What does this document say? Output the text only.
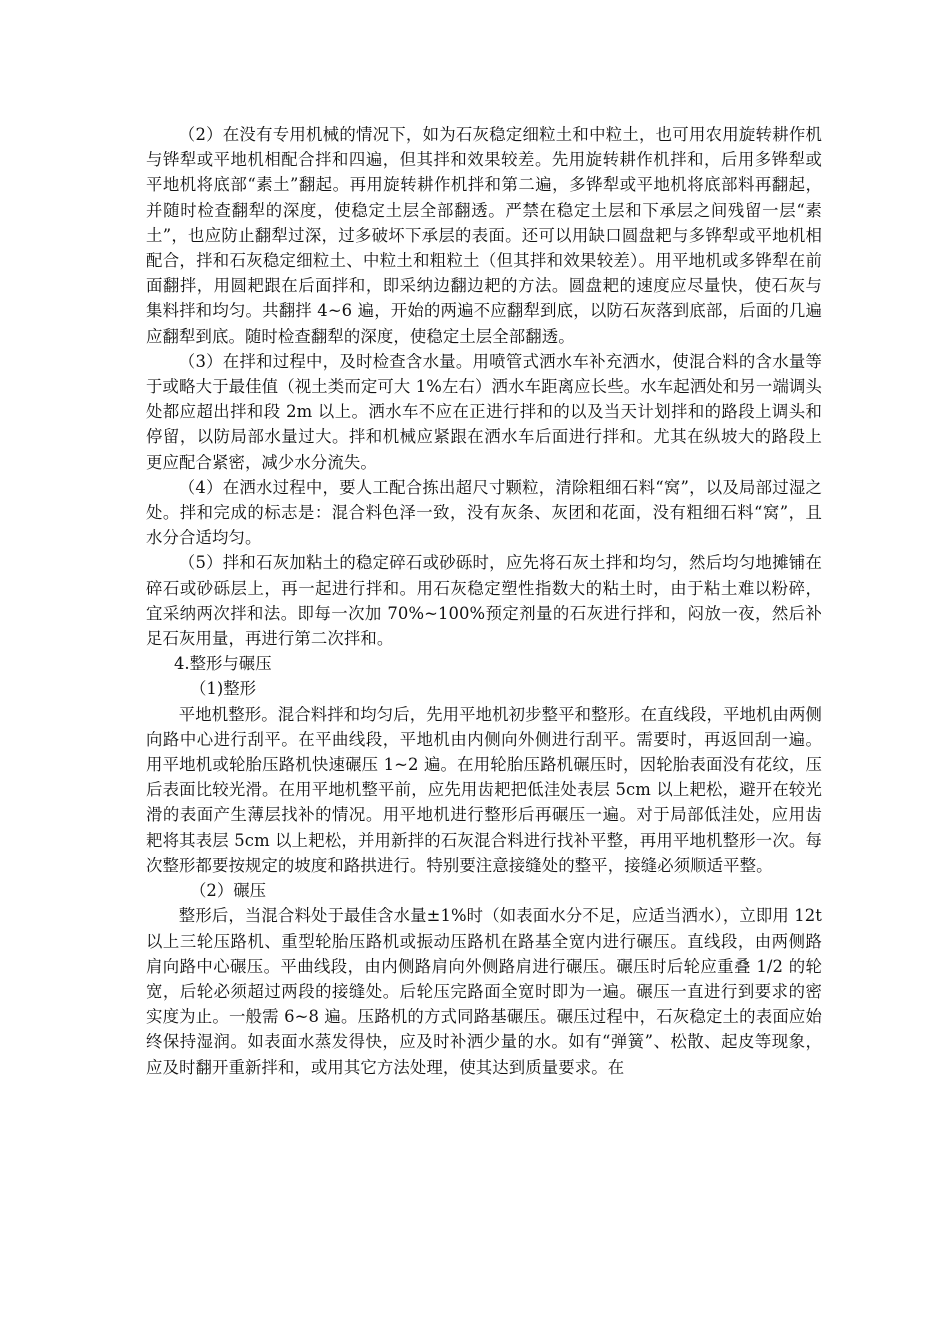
（2）在没有专用机械的情况下，如为石灰稳定细粒土和中粒土，也可用农用旋转耕作机与铧犁或平地机相配合拌和四遍，但其拌和效果较差。先用旋转耕作机拌和，后用多铧犁或平地机将底部“素土”翻起。再用旋转耕作机拌和第二遍，多铧犁或平地机将底部料再翻起，并随时检查翻犁的深度，使稳定土层全部翻透。严禁在稳定土层和下承层之间残留一层“素土”，也应防止翻犁过深，过多破坏下承层的表面。还可以用缺口圆盘耙与多铧犁或平地机相配合，拌和石灰稳定细粒土、中粒土和粗粒土（但其拌和效果较差）。用平地机或多铧犁在前面翻拌，用圆耙跟在后面拌和，即采纳边翻边耙的方法。圆盘耙的速度应尽量快，使石灰与集料拌和均匀。共翻拌 4~6 遍，开始的两遍不应翻犁到底，以防石灰落到底部，后面的几遍应翻犁到底。随时检查翻犁的深度，使稳定土层全部翻透。

（3）在拌和过程中，及时检查含水量。用喷管式洒水车补充洒水，使混合料的含水量等于或略大于最佳值（视土类而定可大 1%左右）洒水车距离应长些。水车起洒处和另一端调头处都应超出拌和段 2m 以上。洒水车不应在正进行拌和的以及当天计划拌和的路段上调头和停留，以防局部水量过大。拌和机械应紧跟在洒水车后面进行拌和。尤其在纵坡大的路段上更应配合紧密，减少水分流失。

（4）在洒水过程中，要人工配合拣出超尺寸颗粒，清除粗细石料“窝”，以及局部过湿之处。拌和完成的标志是：混合料色泽一致，没有灰条、灰团和花面，没有粗细石料“窝”，且水分合适均匀。

（5）拌和石灰加粘土的稳定碎石或砂砾时，应先将石灰土拌和均匀，然后均匀地摊铺在碎石或砂砾层上，再一起进行拌和。用石灰稳定塑性指数大的粘土时，由于粘土难以粉碎，宜采纳两次拌和法。即每一次加 70%~100%预定剂量的石灰进行拌和，闷放一夜，然后补足石灰用量，再进行第二次拌和。

4.整形与碾压

（1)整形

平地机整形。混合料拌和均匀后，先用平地机初步整平和整形。在直线段，平地机由两侧向路中心进行刮平。在平曲线段，平地机由内侧向外侧进行刮平。需要时，再返回刮一遍。用平地机或轮胎压路机快速碾压 1~2 遍。在用轮胎压路机碾压时，因轮胎表面没有花纹，压后表面比较光滑。在用平地机整平前，应先用齿耙把低洼处表层 5cm 以上耙松，避开在较光滑的表面产生薄层找补的情况。用平地机进行整形后再碾压一遍。对于局部低洼处，应用齿耙将其表层 5cm 以上耙松，并用新拌的石灰混合料进行找补平整，再用平地机整形一次。每次整形都要按规定的坡度和路拱进行。特别要注意接缝处的整平，接缝必须顺适平整。

（2）碾压

整形后，当混合料处于最佳含水量±1%时（如表面水分不足，应适当洒水），立即用 12t 以上三轮压路机、重型轮胎压路机或振动压路机在路基全宽内进行碾压。直线段，由两侧路肩向路中心碾压。平曲线段，由内侧路肩向外侧路肩进行碾压。碾压时后轮应重叠 1/2 的轮宽，后轮必须超过两段的接缝处。后轮压完路面全宽时即为一遍。碾压一直进行到要求的密实度为止。一般需 6~8 遍。压路机的方式同路基碾压。碾压过程中，石灰稳定土的表面应始终保持湿润。如表面水蒸发得快，应及时补洒少量的水。如有“弹簧”、松散、起皮等现象，应及时翻开重新拌和，或用其它方法处理，使其达到质量要求。在
